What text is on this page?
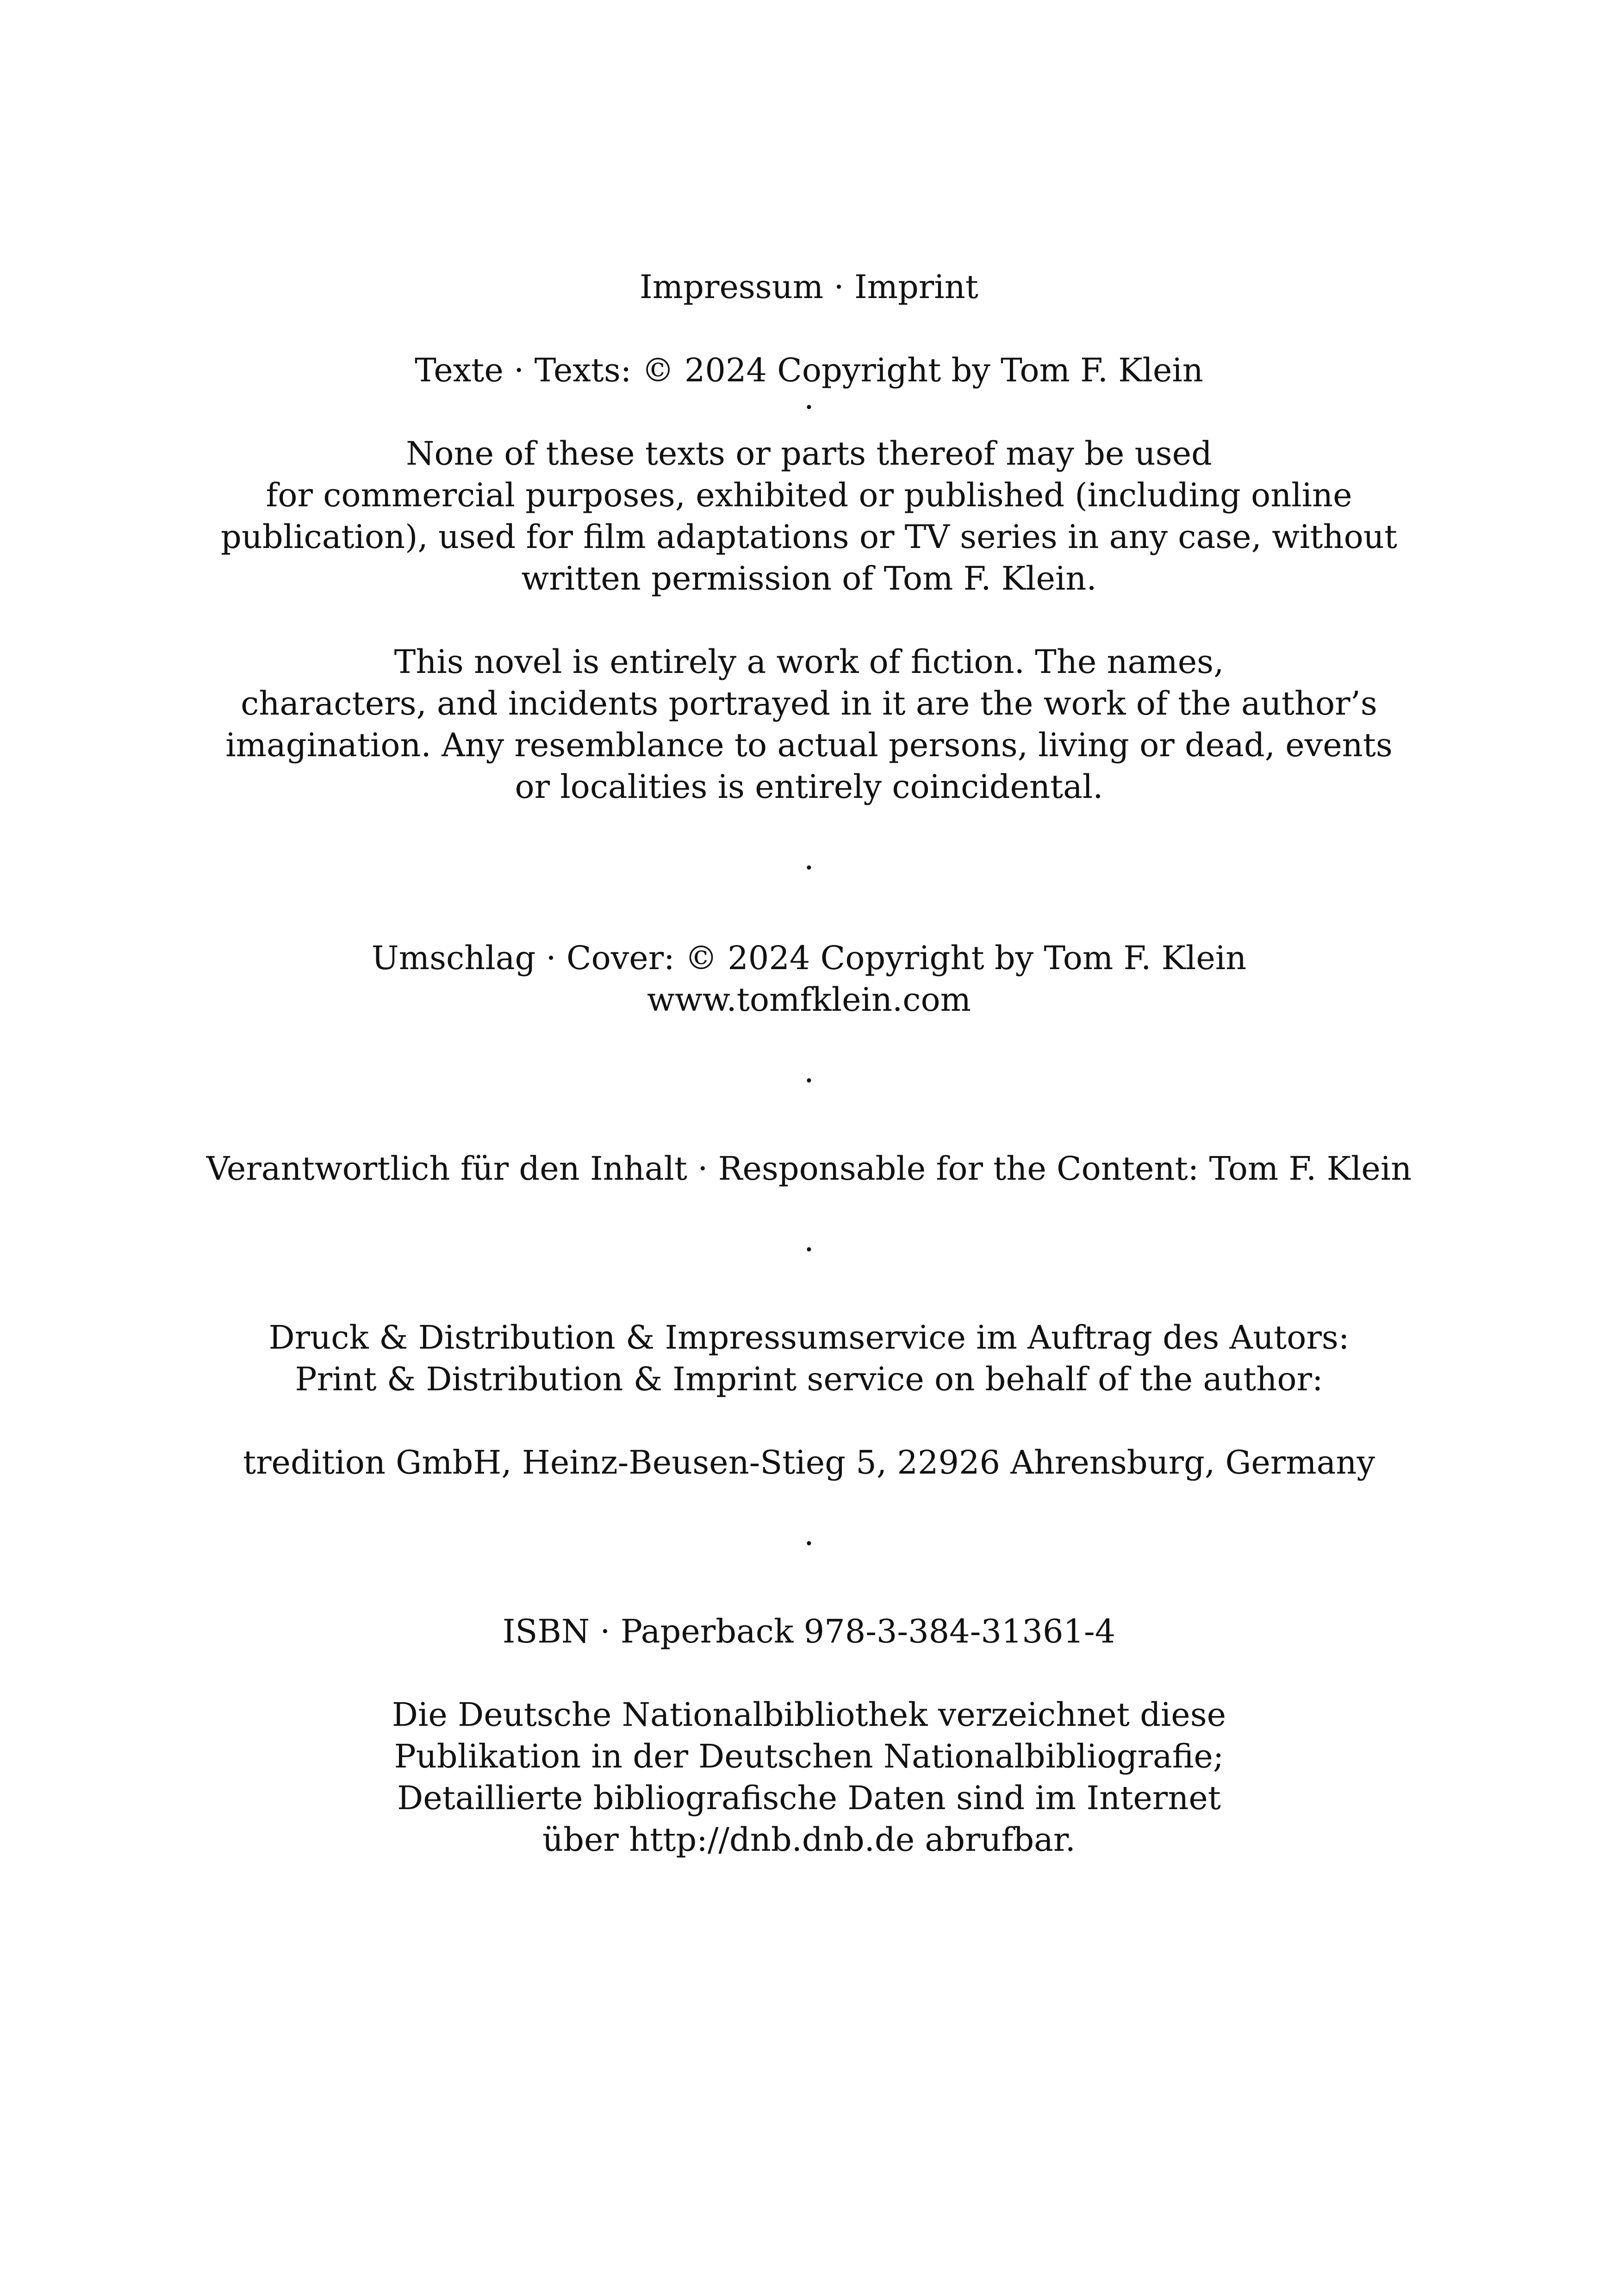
Impressum · Imprint

Texte · Texts: © 2024 Copyright by Tom F. Klein

·

None of these texts or parts thereof may be used

for commercial purposes, exhibited or published (including online

publication), used for film adaptations or TV series in any case, without

written permission of Tom F. Klein.

This novel is entirely a work of fiction. The names,

characters, and incidents portrayed in it are the work of the author’s

imagination. Any resemblance to actual persons, living or dead, events

or localities is entirely coincidental.

·

Umschlag · Cover: © 2024 Copyright by Tom F. Klein

www.tomfklein.com

·

Verantwortlich für den Inhalt · Responsable for the Content: Tom F. Klein

·

Druck & Distribution & Impressumservice im Auftrag des Autors:

Print & Distribution & Imprint service on behalf of the author:

tredition GmbH, Heinz-Beusen-Stieg 5, 22926 Ahrensburg, Germany

·

ISBN · Paperback 978-3-384-31361-4

Die Deutsche Nationalbibliothek verzeichnet diese

Publikation in der Deutschen Nationalbibliografie;

Detaillierte bibliografische Daten sind im Internet

über http://dnb.dnb.de abrufbar.
